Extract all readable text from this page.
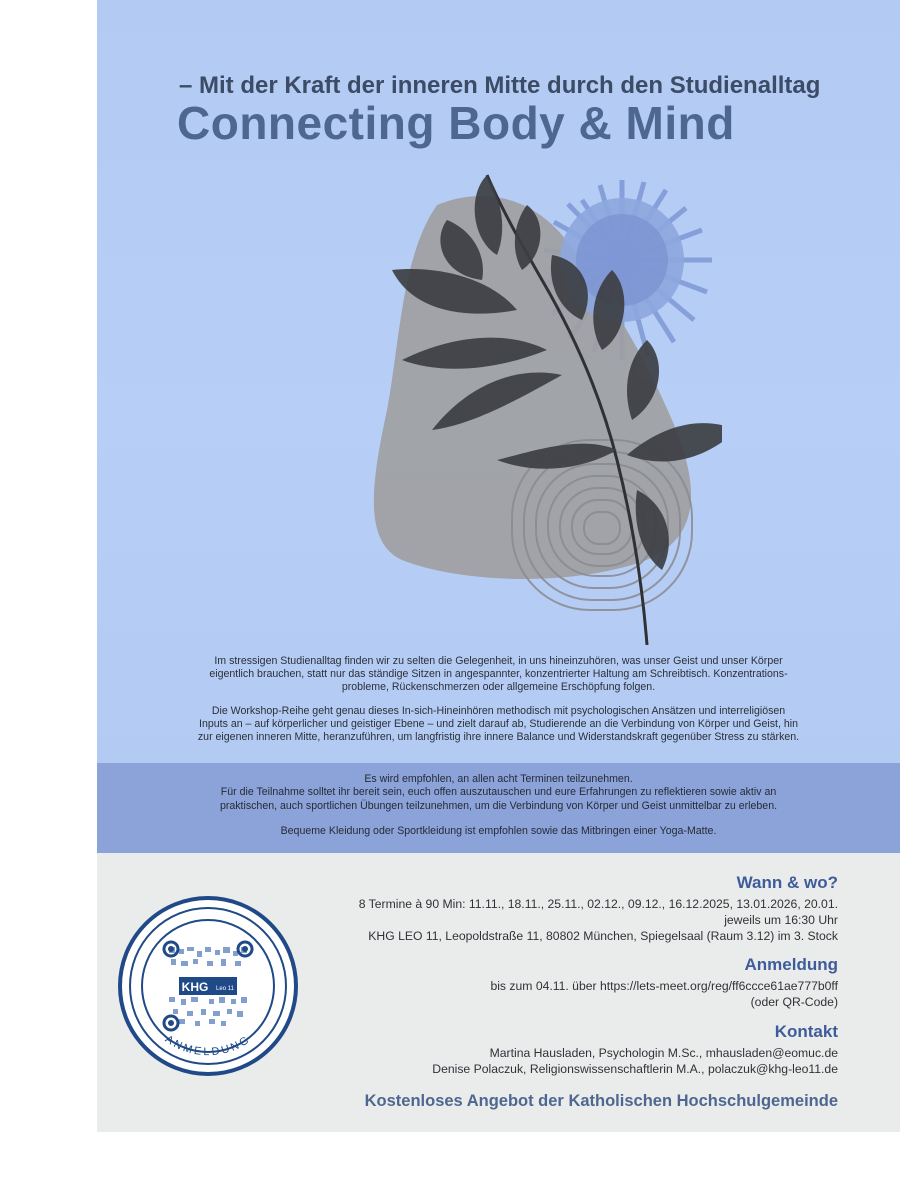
– Mit der Kraft der inneren Mitte durch den Studienalltag
Connecting Body & Mind

Im stressigen Studienalltag finden wir zu selten die Gelegenheit, in uns hineinzuhören, was unser Geist und unser Körper
eigentlich brauchen, statt nur das ständige Sitzen in angespannter, konzentrierter Haltung am Schreibtisch. Konzentrations-
probleme, Rückenschmerzen oder allgemeine Erschöpfung folgen.

Die Workshop-Reihe geht genau dieses In-sich-Hineinhören methodisch mit psychologischen Ansätzen und interreligiösen
Inputs an – auf körperlicher und geistiger Ebene – und zielt darauf ab, Studierende an die Verbindung von Körper und Geist, hin
zur eigenen inneren Mitte, heranzuführen, um langfristig ihre innere Balance und Widerstandskraft gegenüber Stress zu stärken.

Es wird empfohlen, an allen acht Terminen teilzunehmen.
Für die Teilnahme solltet ihr bereit sein, euch offen auszutauschen und eure Erfahrungen zu reflektieren sowie aktiv an
praktischen, auch sportlichen Übungen teilzunehmen, um die Verbindung von Körper und Geist unmittelbar zu erleben.

Bequeme Kleidung oder Sportkleidung ist empfohlen sowie das Mitbringen einer Yoga-Matte.

KHG Leo 11
ANMELDUNG
Wann & wo?
8 Termine à 90 Min: 11.11., 18.11., 25.11., 02.12., 09.12., 16.12.2025, 13.01.2026, 20.01.
jeweils um 16:30 Uhr
KHG LEO 11, Leopoldstraße 11, 80802 München, Spiegelsaal (Raum 3.12) im 3. Stock
Anmeldung
bis zum 04.11. über https://lets-meet.org/reg/ff6ccce61ae777b0ff
(oder QR-Code)
Kontakt
Martina Hausladen, Psychologin M.Sc., mhausladen@eomuc.de
Denise Polaczuk, Religionswissenschaftlerin M.A., polaczuk@khg-leo11.de
Kostenloses Angebot der Katholischen Hochschulgemeinde
